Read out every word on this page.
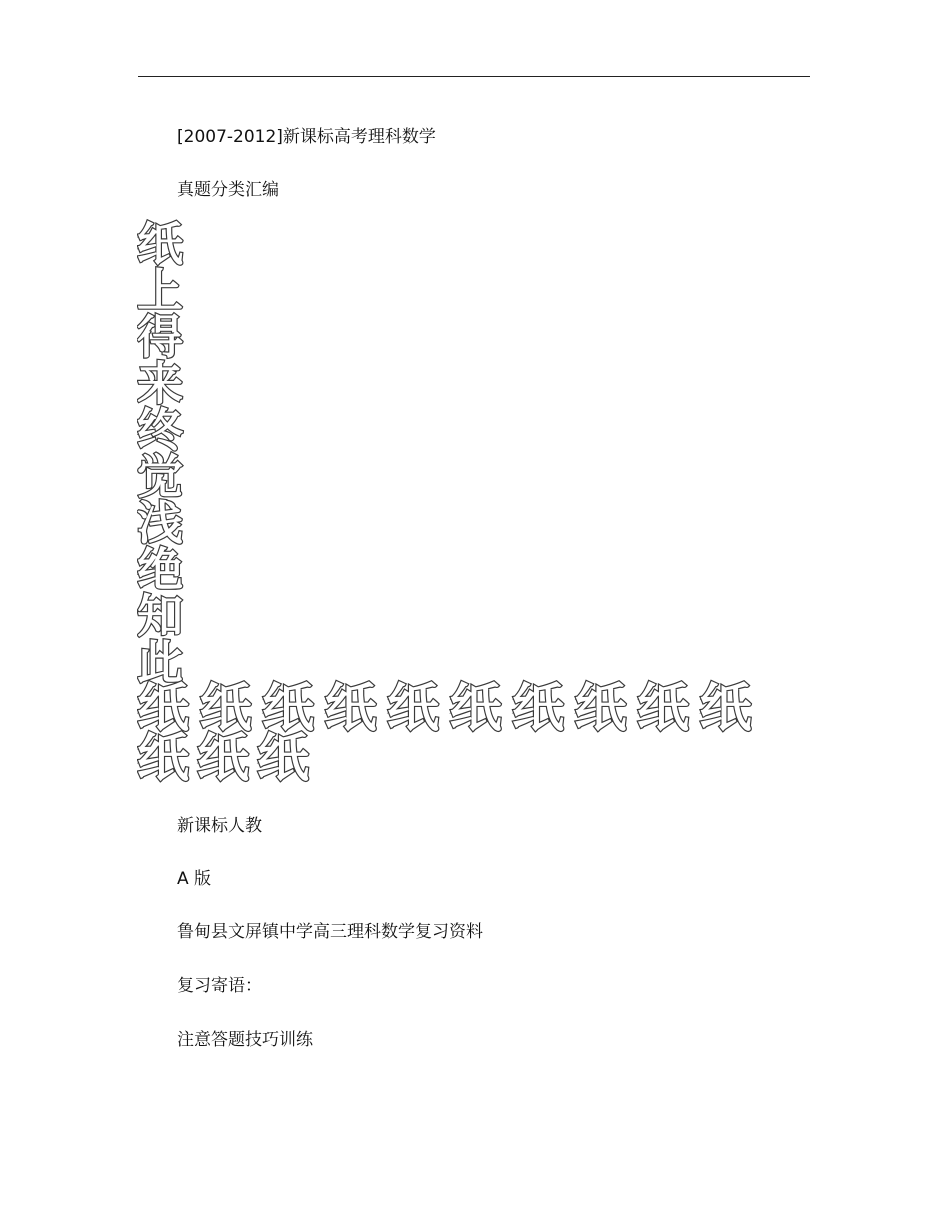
[2007-2012]新课标高考理科数学
真题分类汇编
纸
上
得
来
终
觉
浅
绝
知
此
纸 纸 纸 纸 纸 纸 纸 纸 纸 纸
纸 纸 纸
新课标人教
A 版
鲁甸县文屏镇中学高三理科数学复习资料
复习寄语：
注意答题技巧训练
